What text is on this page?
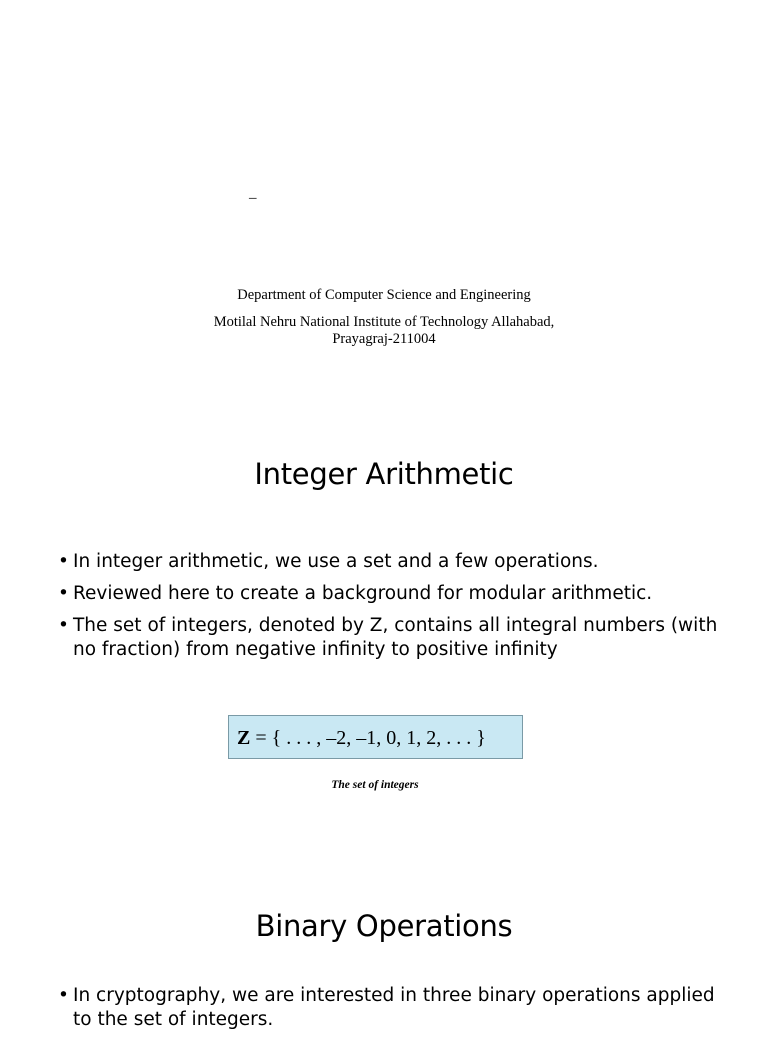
–
Department of Computer Science and Engineering
Motilal Nehru National Institute of Technology Allahabad,
Prayagraj-211004
Integer Arithmetic
• In integer arithmetic, we use a set and a few operations.
• Reviewed here to create a background for modular arithmetic.
• The set of integers, denoted by Z, contains all integral numbers (with no fraction) from negative infinity to positive infinity
Z = { . . . , –2, –1, 0, 1, 2, . . . }
The set of integers
Binary Operations
• In cryptography, we are interested in three binary operations applied to the set of integers.
